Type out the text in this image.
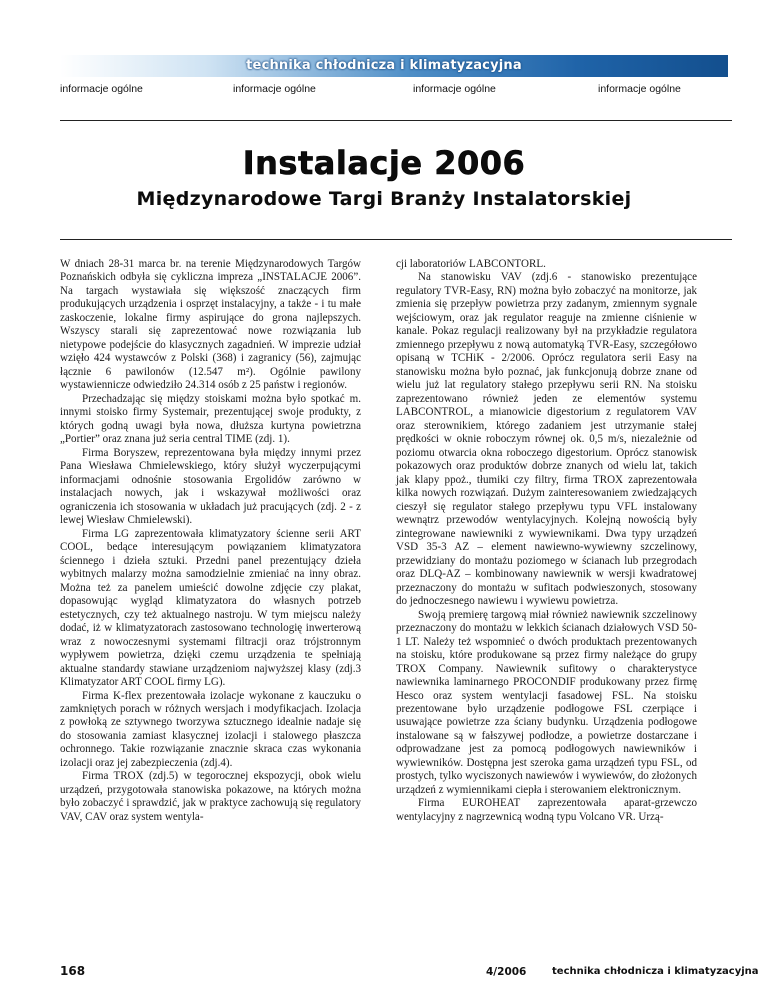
technika chłodnicza i klimatyzacyjna
informacje ogólne	informacje ogólne	informacje ogólne	informacje ogólne
Instalacje 2006
Międzynarodowe Targi Branży Instalatorskiej

W dniach 28-31 marca br. na terenie Międzynarodowych Targów Poznańskich odbyła się cykliczna impreza „INSTALACJE 2006”. Na targach wystawiała się większość znaczących firm produkujących urządzenia i osprzęt instalacyjny, a także - i tu małe zaskoczenie, lokalne firmy aspirujące do grona najlepszych. Wszyscy starali się zaprezentować nowe rozwiązania lub nietypowe podejście do klasycznych zagadnień. W imprezie udział wzięło 424 wystawców z Polski (368) i zagranicy (56), zajmując łącznie 6 pawilonów (12.547 m²). Ogólnie pawilony wystawiennicze odwiedziło 24.314 osób z 25 państw i regionów.

Przechadzając się między stoiskami można było spotkać m. innymi stoisko firmy Systemair, prezentującej swoje produkty, z których godną uwagi była nowa, dłuższa kurtyna powietrzna „Portier” oraz znana już seria central TIME (zdj. 1).

Firma Boryszew, reprezentowana była między innymi przez Pana Wiesława Chmielewskiego, który służył wyczerpującymi informacjami odnośnie stosowania Ergolidów zarówno w instalacjach nowych, jak i wskazywał możliwości oraz ograniczenia ich stosowania w układach już pracujących (zdj. 2 - z lewej Wiesław Chmielewski).

Firma LG zaprezentowała klimatyzatory ścienne serii ART COOL, bedące interesującym powiązaniem klimatyzatora ściennego i dzieła sztuki. Przedni panel prezentujący dzieła wybitnych malarzy można samodzielnie zmieniać na inny obraz. Można też za panelem umieścić dowolne zdjęcie czy plakat, dopasowując wygląd klimatyzatora do własnych potrzeb estetycznych, czy też aktualnego nastroju. W tym miejscu należy dodać, iż w klimatyzatorach zastosowano technologię inwerterową wraz z nowoczesnymi systemami filtracji oraz trójstronnym wypływem powietrza, dzięki czemu urządzenia te spełniają aktualne standardy stawiane urządzeniom najwyższej klasy (zdj.3 Klimatyzator ART COOL firmy LG).

Firma K-flex prezentowała izolacje wykonane z kauczuku o zamkniętych porach w różnych wersjach i modyfikacjach. Izolacja z powłoką ze sztywnego tworzywa sztucznego idealnie nadaje się do stosowania zamiast klasycznej izolacji i stalowego płaszcza ochronnego. Takie rozwiązanie znacznie skraca czas wykonania izolacji oraz jej zabezpieczenia (zdj.4).

Firma TROX (zdj.5) w tegorocznej ekspozycji, obok wielu urządzeń, przygotowała stanowiska pokazowe, na których można było zobaczyć i sprawdzić, jak w praktyce zachowują się regulatory VAV, CAV oraz system wentyla-

cji laboratoriów LABCONTORL.

Na stanowisku VAV (zdj.6 - stanowisko prezentujące regulatory TVR-Easy, RN) można było zobaczyć na monitorze, jak zmienia się przepływ powietrza przy zadanym, zmiennym sygnale wejściowym, oraz jak regulator reaguje na zmienne ciśnienie w kanale. Pokaz regulacji realizowany był na przykładzie regulatora zmiennego przepływu z nową automatyką TVR-Easy, szczegółowo opisaną w TCHiK - 2/2006. Oprócz regulatora serii Easy na stanowisku można było poznać, jak funkcjonują dobrze znane od wielu już lat regulatory stałego przepływu serii RN. Na stoisku zaprezentowano również jeden ze elementów systemu LABCONTROL, a mianowicie digestorium z regulatorem VAV oraz sterownikiem, którego zadaniem jest utrzymanie stałej prędkości w oknie roboczym równej ok. 0,5 m/s, niezależnie od poziomu otwarcia okna roboczego digestorium. Oprócz stanowisk pokazowych oraz produktów dobrze znanych od wielu lat, takich jak klapy ppoż., tłumiki czy filtry, firma TROX zaprezentowała kilka nowych rozwiązań. Dużym zainteresowaniem zwiedzających cieszył się regulator stałego przepływu typu VFL instalowany wewnątrz przewodów wentylacyjnych. Kolejną nowością były zintegrowane nawiewniki z wywiewnikami. Dwa typy urządzeń VSD 35-3 AZ – element nawiewno-wywiewny szczelinowy, przewidziany do montażu poziomego w ścianach lub przegrodach oraz DLQ-AZ – kombinowany nawiewnik w wersji kwadratowej przeznaczony do montażu w sufitach podwieszonych, stosowany do jednoczesnego nawiewu i wywiewu powietrza.

Swoją premierę targową miał również nawiewnik szczelinowy przeznaczony do montażu w lekkich ścianach działowych VSD 50-1 LT. Należy też wspomnieć o dwóch produktach prezentowanych na stoisku, które produkowane są przez firmy należące do grupy TROX Company. Nawiewnik sufitowy o charakterystyce nawiewnika laminarnego PROCONDIF produkowany przez firmę Hesco oraz system wentylacji fasadowej FSL. Na stoisku prezentowane było urządzenie podłogowe FSL czerpiące i usuwające powietrze zza ściany budynku. Urządzenia podłogowe instalowane są w fałszywej podłodze, a powietrze dostarczane i odprowadzane jest za pomocą podłogowych nawiewników i wywiewników. Dostępna jest szeroka gama urządzeń typu FSL, od prostych, tylko wyciszonych nawiewów i wywiewów, do złożonych urządzeń z wymiennikami ciepła i sterowaniem elektronicznym.

Firma EUROHEAT zaprezentowała aparat-grzewczo wentylacyjny z nagrzewnicą wodną typu Volcano VR. Urzą-

168	4/2006	technika chłodnicza i klimatyzacyjna
